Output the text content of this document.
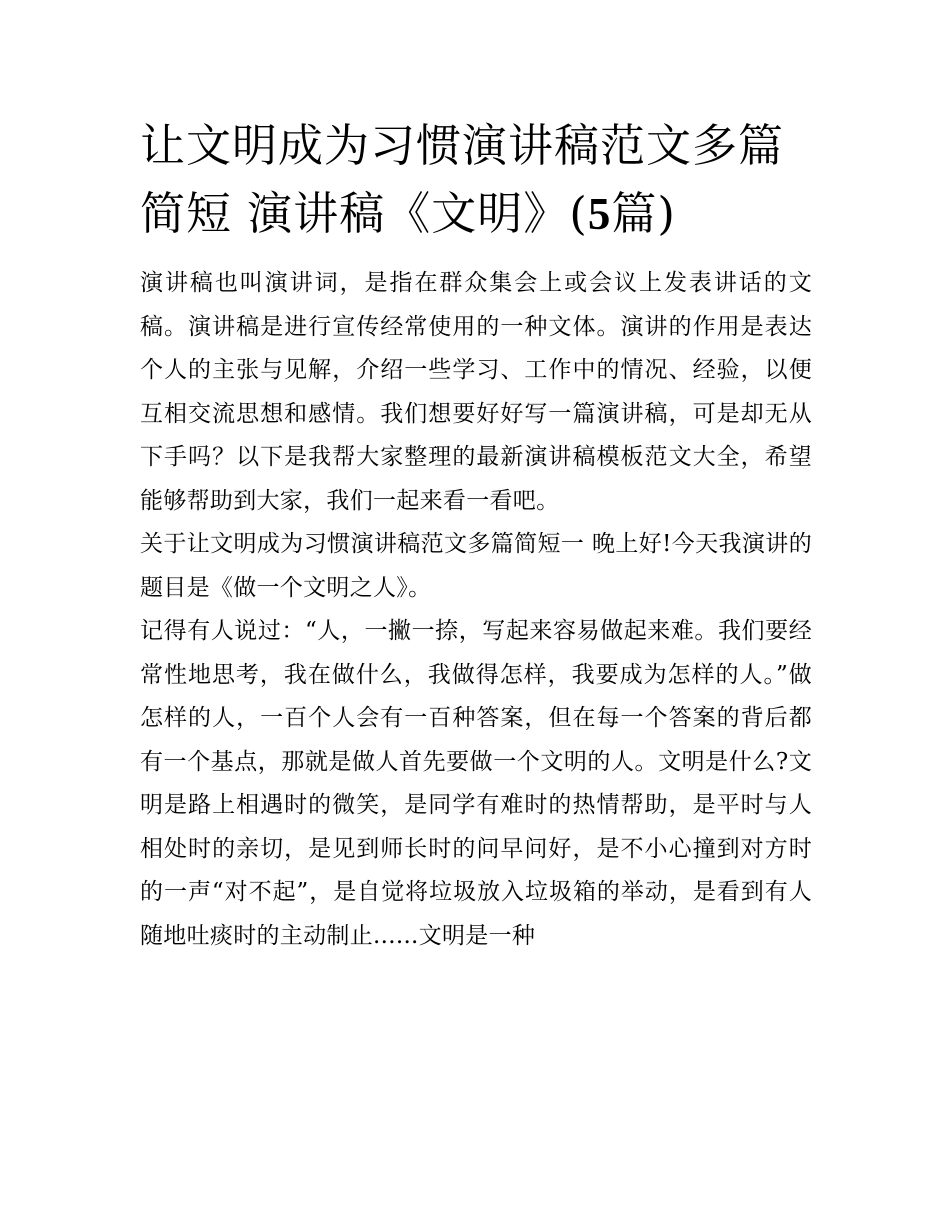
让文明成为习惯演讲稿范文多篇简短 演讲稿《文明》(5篇)

演讲稿也叫演讲词，是指在群众集会上或会议上发表讲话的文稿。演讲稿是进行宣传经常使用的一种文体。演讲的作用是表达个人的主张与见解，介绍一些学习、工作中的情况、经验，以便互相交流思想和感情。我们想要好好写一篇演讲稿，可是却无从下手吗？以下是我帮大家整理的最新演讲稿模板范文大全，希望能够帮助到大家，我们一起来看一看吧。

关于让文明成为习惯演讲稿范文多篇简短一 晚上好!今天我演讲的题目是《做一个文明之人》。

记得有人说过：“人，一撇一捺，写起来容易做起来难。我们要经常性地思考，我在做什么，我做得怎样，我要成为怎样的人。”做怎样的人，一百个人会有一百种答案，但在每一个答案的背后都有一个基点，那就是做人首先要做一个文明的人。文明是什么?文明是路上相遇时的微笑，是同学有难时的热情帮助，是平时与人相处时的亲切，是见到师长时的问早问好，是不小心撞到对方时的一声“对不起”，是自觉将垃圾放入垃圾箱的举动，是看到有人随地吐痰时的主动制止......文明是一种
